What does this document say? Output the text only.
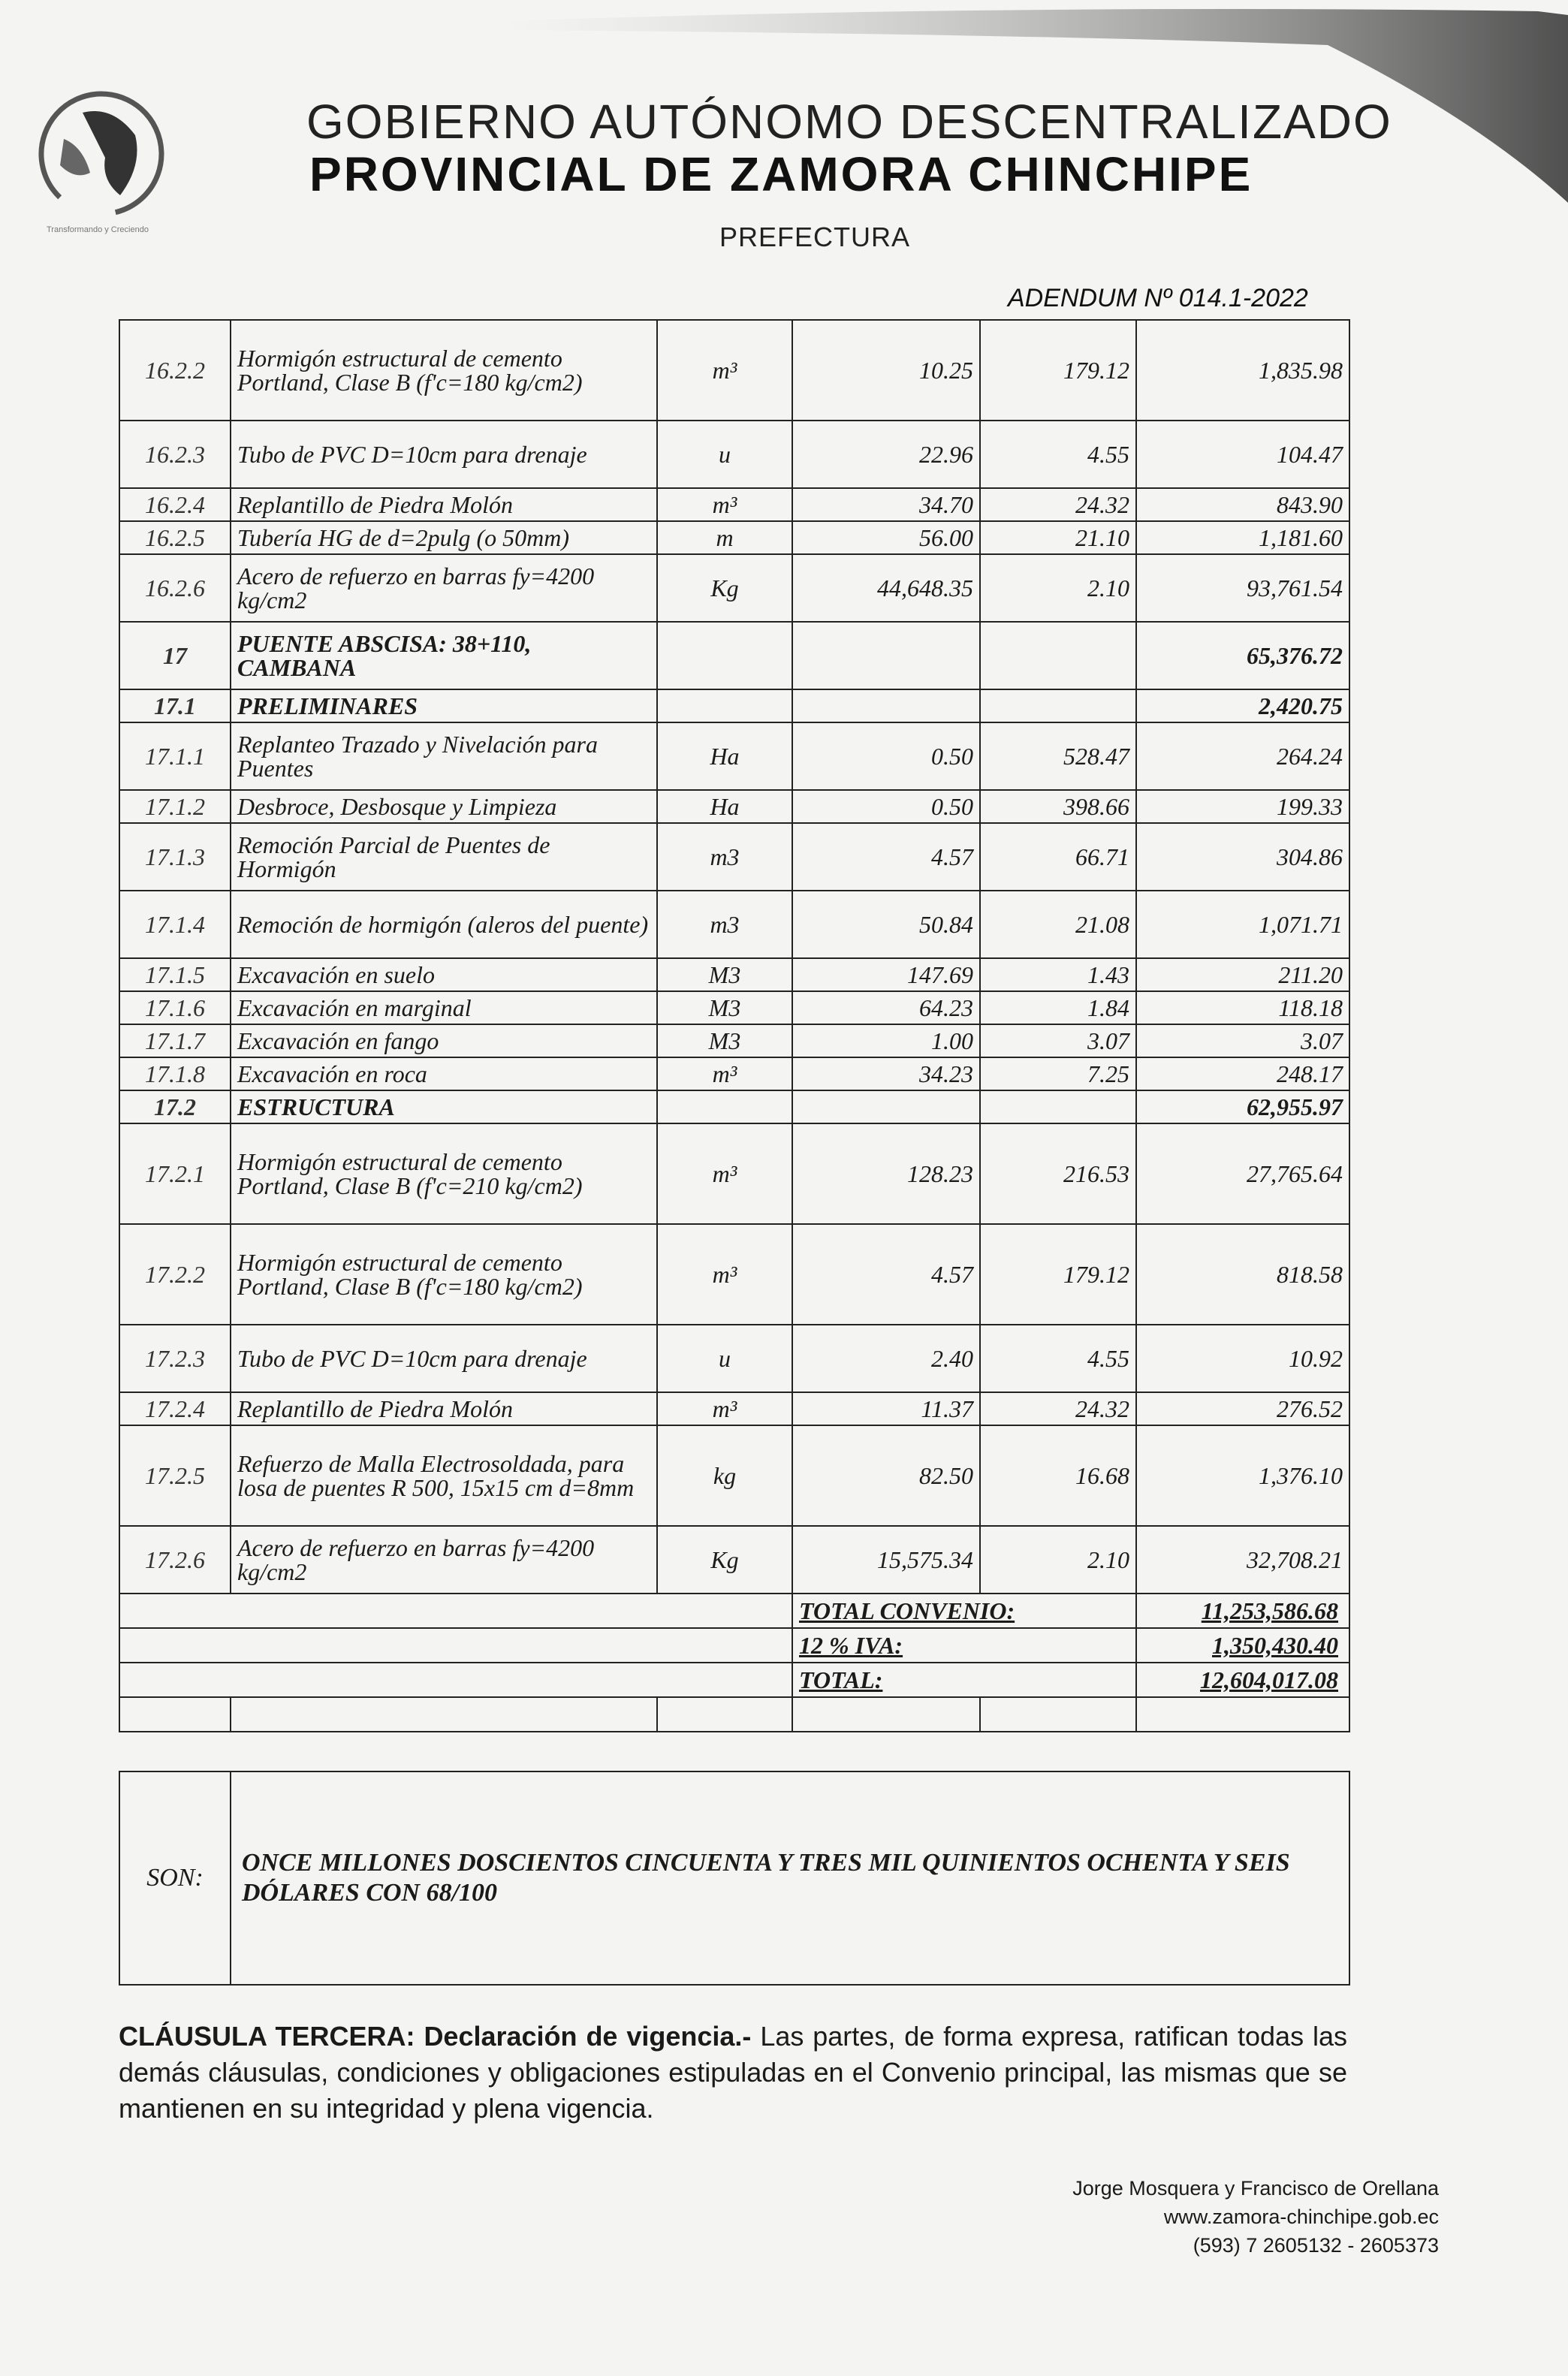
Transformando y Creciendo
GOBIERNO AUTÓNOMO DESCENTRALIZADO
PROVINCIAL DE ZAMORA CHINCHIPE
PREFECTURA
ADENDUM Nº 014.1-2022
16.2.2	Hormigón estructural de cemento Portland, Clase B (f'c=180 kg/cm2)	m³	10.25	179.12	1,835.98
16.2.3	Tubo de PVC D=10cm para drenaje	u	22.96	4.55	104.47
16.2.4	Replantillo de Piedra Molón	m³	34.70	24.32	843.90
16.2.5	Tubería HG de d=2pulg (o 50mm)	m	56.00	21.10	1,181.60
16.2.6	Acero de refuerzo en barras fy=4200 kg/cm2	Kg	44,648.35	2.10	93,761.54
17	PUENTE ABSCISA: 38+110, CAMBANA				65,376.72
17.1	PRELIMINARES				2,420.75
17.1.1	Replanteo Trazado y Nivelación para Puentes	Ha	0.50	528.47	264.24
17.1.2	Desbroce, Desbosque y Limpieza	Ha	0.50	398.66	199.33
17.1.3	Remoción Parcial de Puentes de Hormigón	m3	4.57	66.71	304.86
17.1.4	Remoción de hormigón (aleros del puente)	m3	50.84	21.08	1,071.71
17.1.5	Excavación en suelo	M3	147.69	1.43	211.20
17.1.6	Excavación en marginal	M3	64.23	1.84	118.18
17.1.7	Excavación en fango	M3	1.00	3.07	3.07
17.1.8	Excavación en roca	m³	34.23	7.25	248.17
17.2	ESTRUCTURA				62,955.97
17.2.1	Hormigón estructural de cemento Portland, Clase B (f'c=210 kg/cm2)	m³	128.23	216.53	27,765.64
17.2.2	Hormigón estructural de cemento Portland, Clase B (f'c=180 kg/cm2)	m³	4.57	179.12	818.58
17.2.3	Tubo de PVC D=10cm para drenaje	u	2.40	4.55	10.92
17.2.4	Replantillo de Piedra Molón	m³	11.37	24.32	276.52
17.2.5	Refuerzo de Malla Electrosoldada, para losa de puentes R 500, 15x15 cm d=8mm	kg	82.50	16.68	1,376.10
17.2.6	Acero de refuerzo en barras fy=4200 kg/cm2	Kg	15,575.34	2.10	32,708.21
			TOTAL CONVENIO:		11,253,586.68
			12 % IVA:		1,350,430.40
			TOTAL:		12,604,017.08

SON:	ONCE MILLONES DOSCIENTOS CINCUENTA Y TRES MIL QUINIENTOS OCHENTA Y SEIS DÓLARES CON 68/100
CLÁUSULA TERCERA: Declaración de vigencia.- Las partes, de forma expresa, ratifican todas las demás cláusulas, condiciones y obligaciones estipuladas en el Convenio principal, las mismas que se mantienen en su integridad y plena vigencia.
Jorge Mosquera y Francisco de Orellana
www.zamora-chinchipe.gob.ec
(593) 7 2605132 - 2605373
